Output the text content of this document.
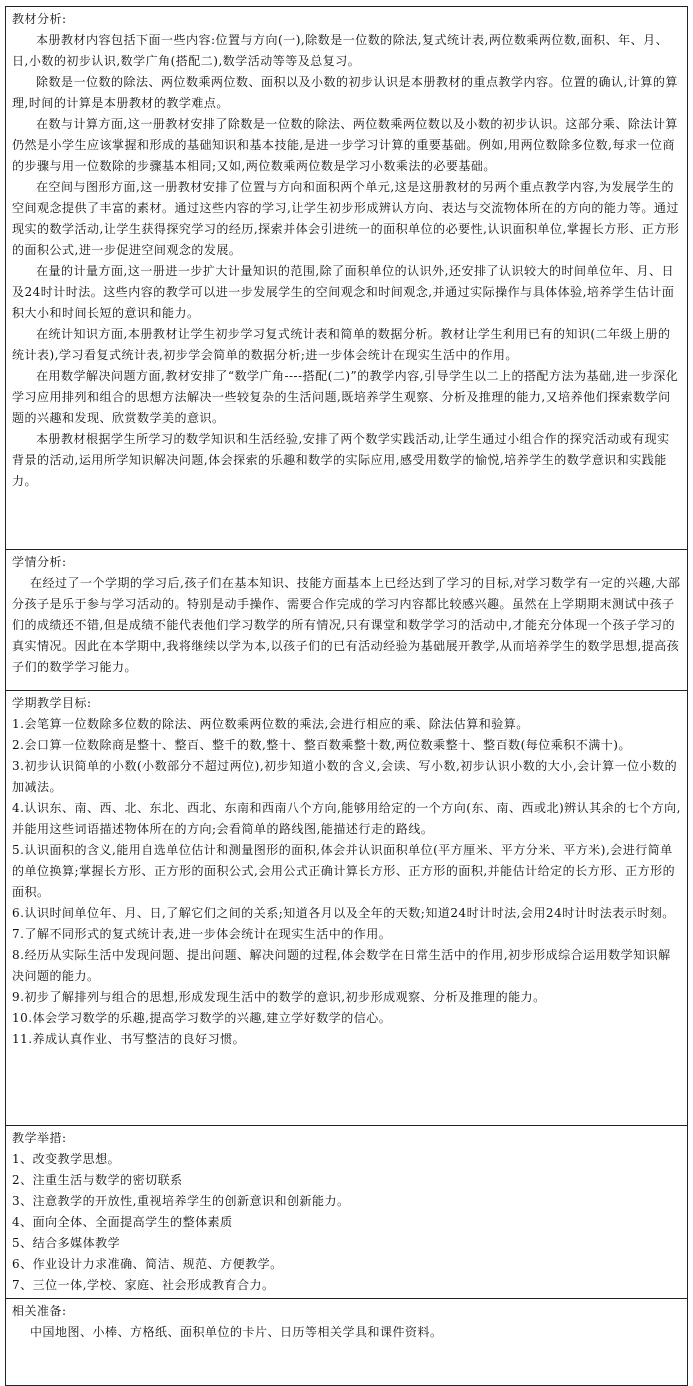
教材分析:

本册教材内容包括下面一些内容:位置与方向(一),除数是一位数的除法,复式统计表,两位数乘两位数,面积、年、月、日,小数的初步认识,数学广角(搭配二),数学活动等等及总复习。

除数是一位数的除法、两位数乘两位数、面积以及小数的初步认识是本册教材的重点教学内容。位置的确认,计算的算理,时间的计算是本册教材的教学难点。

在数与计算方面,这一册教材安排了除数是一位数的除法、两位数乘两位数以及小数的初步认识。这部分乘、除法计算仍然是小学生应该掌握和形成的基础知识和基本技能,是进一步学习计算的重要基础。例如,用两位数除多位数,每求一位商的步骤与用一位数除的步骤基本相同;又如,两位数乘两位数是学习小数乘法的必要基础。

在空间与图形方面,这一册教材安排了位置与方向和面积两个单元,这是这册教材的另两个重点教学内容,为发展学生的空间观念提供了丰富的素材。通过这些内容的学习,让学生初步形成辨认方向、表达与交流物体所在的方向的能力等。通过现实的数学活动,让学生获得探究学习的经历,探索并体会引进统一的面积单位的必要性,认识面积单位,掌握长方形、正方形的面积公式,进一步促进空间观念的发展。

在量的计量方面,这一册进一步扩大计量知识的范围,除了面积单位的认识外,还安排了认识较大的时间单位年、月、日及24时计时法。这些内容的教学可以进一步发展学生的空间观念和时间观念,并通过实际操作与具体体验,培养学生估计面积大小和时间长短的意识和能力。

在统计知识方面,本册教材让学生初步学习复式统计表和简单的数据分析。教材让学生利用已有的知识(二年级上册的统计表),学习看复式统计表,初步学会简单的数据分析;进一步体会统计在现实生活中的作用。

在用数学解决问题方面,教材安排了“数学广角----搭配(二)”的教学内容,引导学生以二上的搭配方法为基础,进一步深化学习应用排列和组合的思想方法解决一些较复杂的生活问题,既培养学生观察、分析及推理的能力,又培养他们探索数学问题的兴趣和发现、欣赏数学美的意识。

本册教材根据学生所学习的数学知识和生活经验,安排了两个数学实践活动,让学生通过小组合作的探究活动或有现实背景的活动,运用所学知识解决问题,体会探索的乐趣和数学的实际应用,感受用数学的愉悦,培养学生的数学意识和实践能力。

学情分析:

在经过了一个学期的学习后,孩子们在基本知识、技能方面基本上已经达到了学习的目标,对学习数学有一定的兴趣,大部分孩子是乐于参与学习活动的。特别是动手操作、需要合作完成的学习内容都比较感兴趣。虽然在上学期期末测试中孩子们的成绩还不错,但是成绩不能代表他们学习数学的所有情况,只有课堂和数学学习的活动中,才能充分体现一个孩子学习的真实情况。因此在本学期中,我将继续以学为本,以孩子们的已有活动经验为基础展开教学,从而培养学生的数学思想,提高孩子们的数学学习能力。

学期教学目标:

1.会笔算一位数除多位数的除法、两位数乘两位数的乘法,会进行相应的乘、除法估算和验算。

2.会口算一位数除商是整十、整百、整千的数,整十、整百数乘整十数,两位数乘整十、整百数(每位乘积不满十)。

3.初步认识简单的小数(小数部分不超过两位),初步知道小数的含义,会读、写小数,初步认识小数的大小,会计算一位小数的加减法。

4.认识东、南、西、北、东北、西北、东南和西南八个方向,能够用给定的一个方向(东、南、西或北)辨认其余的七个方向,并能用这些词语描述物体所在的方向;会看简单的路线图,能描述行走的路线。

5.认识面积的含义,能用自选单位估计和测量图形的面积,体会并认识面积单位(平方厘米、平方分米、平方米),会进行简单的单位换算;掌握长方形、正方形的面积公式,会用公式正确计算长方形、正方形的面积,并能估计给定的长方形、正方形的面积。

6.认识时间单位年、月、日,了解它们之间的关系;知道各月以及全年的天数;知道24时计时法,会用24时计时法表示时刻。

7.了解不同形式的复式统计表,进一步体会统计在现实生活中的作用。

8.经历从实际生活中发现问题、提出问题、解决问题的过程,体会数学在日常生活中的作用,初步形成综合运用数学知识解决问题的能力。

9.初步了解排列与组合的思想,形成发现生活中的数学的意识,初步形成观察、分析及推理的能力。

10.体会学习数学的乐趣,提高学习数学的兴趣,建立学好数学的信心。

11.养成认真作业、书写整洁的良好习惯。

教学举措:

1、改变教学思想。

2、注重生活与数学的密切联系

3、注意教学的开放性,重视培养学生的创新意识和创新能力。

4、面向全体、全面提高学生的整体素质

5、结合多媒体教学

6、作业设计力求准确、简洁、规范、方便教学。

7、三位一体,学校、家庭、社会形成教育合力。

相关准备:

中国地图、小棒、方格纸、面积单位的卡片、日历等相关学具和课件资料。
